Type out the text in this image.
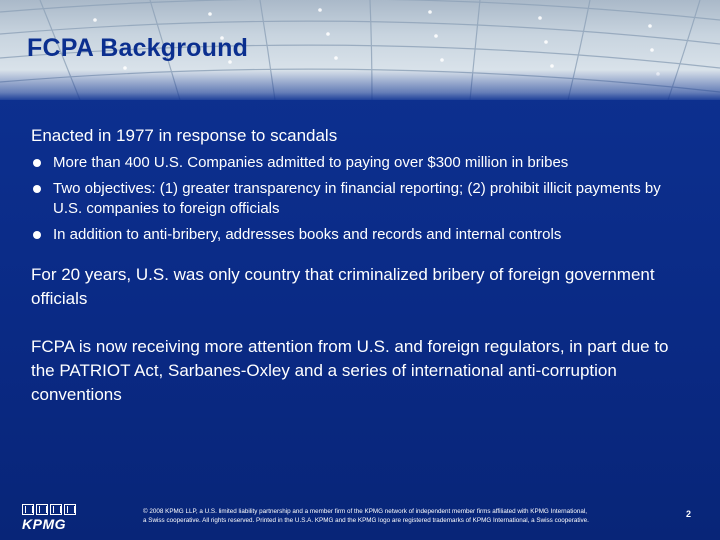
FCPA Background

Enacted in 1977 in response to scandals

More than 400 U.S. Companies admitted to paying over $300 million in bribes
Two objectives: (1) greater transparency in financial reporting; (2) prohibit illicit payments by U.S. companies to foreign officials
In addition to anti-bribery, addresses books and records and internal controls

For 20 years, U.S. was only country that criminalized bribery of foreign government officials

FCPA is now receiving more attention from U.S. and foreign regulators, in part due to the PATRIOT Act, Sarbanes-Oxley and a series of international anti-corruption conventions

KPMG
© 2008 KPMG LLP, a U.S. limited liability partnership and a member firm of the KPMG network of independent member firms affiliated with KPMG International,
a Swiss cooperative. All rights reserved. Printed in the U.S.A. KPMG and the KPMG logo are registered trademarks of KPMG International, a Swiss cooperative.
2
